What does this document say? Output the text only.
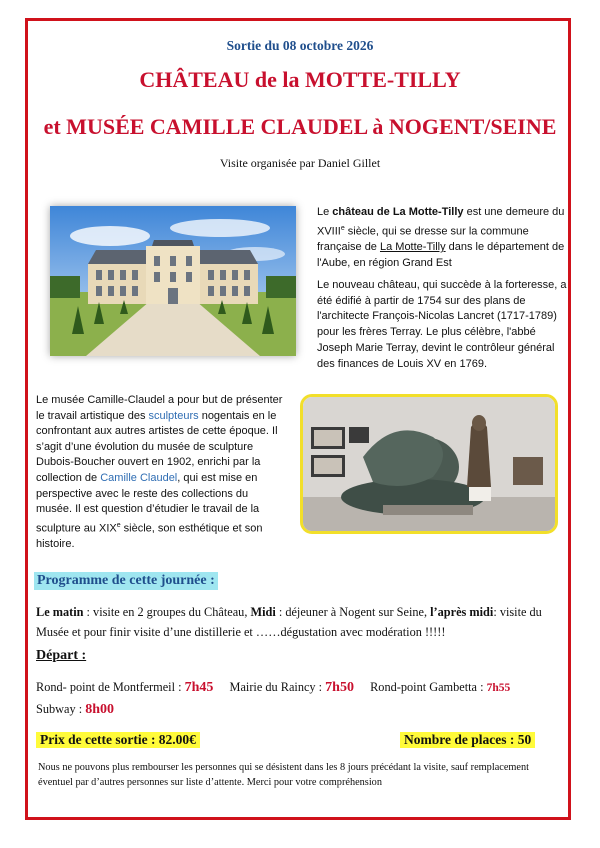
Sortie du 08 octobre 2026
CHÂTEAU de la MOTTE-TILLY
et MUSÉE CAMILLE CLAUDEL à NOGENT/SEINE
Visite organisée par Daniel Gillet

Le château de La Motte-Tilly est une demeure du XVIIIe siècle, qui se dresse sur la commune française de La Motte-Tilly dans le département de l'Aube, en région Grand Est

Le nouveau château, qui succède à la forteresse, a été édifié à partir de 1754 sur des plans de l'architecte François-Nicolas Lancret (1717-1789) pour les frères Terray. Le plus célèbre, l'abbé Joseph Marie Terray, devint le contrôleur général des finances de Louis XV en 1769.

Le musée Camille-Claudel a pour but de présenter le travail artistique des sculpteurs nogentais en le confrontant aux autres artistes de cette époque. Il s’agit d’une évolution du musée de sculpture Dubois-Boucher ouvert en 1902, enrichi par la collection de Camille Claudel, qui est mise en perspective avec le reste des collections du musée. Il est question d’étudier le travail de la sculpture au XIXe siècle, son esthétique et son histoire.
Programme de cette journée :
Le matin : visite en 2 groupes du Château, Midi : déjeuner à Nogent sur Seine, l’après midi: visite du Musée et pour finir visite d’une distillerie et ……dégustation avec modération !!!!!
Départ :
Rond- point de Montfermeil : 7h45 Mairie du Raincy : 7h50 Rond-point Gambetta : 7h55
Subway : 8h00
Prix de cette sortie : 82.00€	Nombre de places : 50
Nous ne pouvons plus rembourser les personnes qui se désistent dans les 8 jours précédant la visite, sauf remplacement éventuel par d’autres personnes sur liste d’attente. Merci pour votre compréhension
